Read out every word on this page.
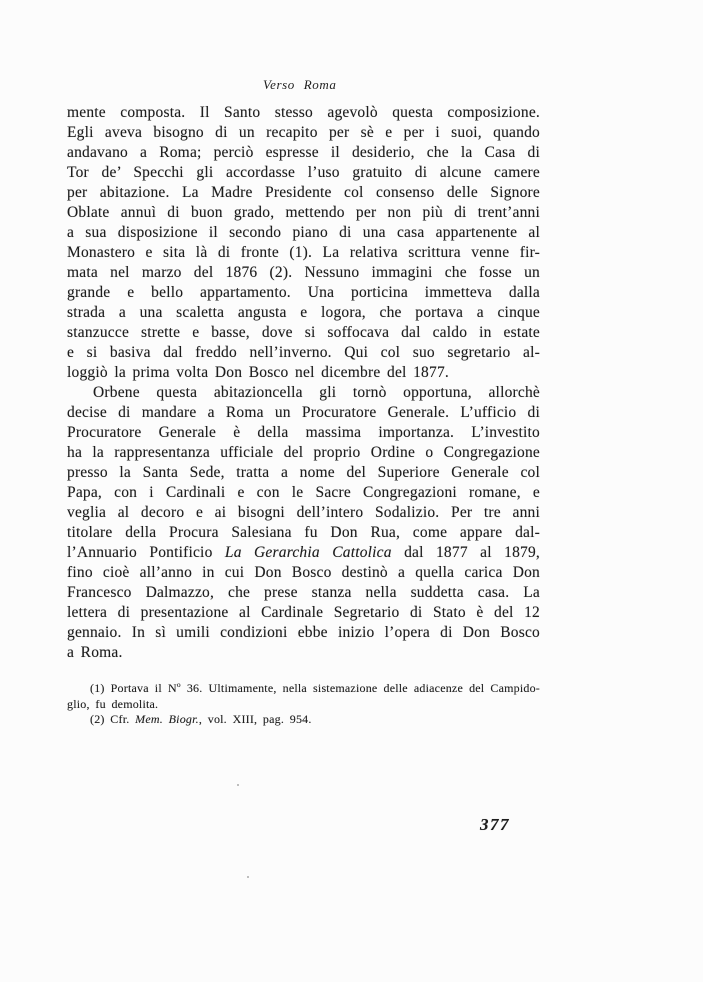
Verso Roma
mente composta. Il Santo stesso agevolò questa composizione.
Egli aveva bisogno di un recapito per sè e per i suoi, quando
andavano a Roma; perciò espresse il desiderio, che la Casa di
Tor de’ Specchi gli accordasse l’uso gratuito di alcune camere
per abitazione. La Madre Presidente col consenso delle Signore
Oblate annuì di buon grado, mettendo per non più di trent’anni
a sua disposizione il secondo piano di una casa appartenente al
Monastero e sita là di fronte (1). La relativa scrittura venne fir-
mata nel marzo del 1876 (2). Nessuno immagini che fosse un
grande e bello appartamento. Una porticina immetteva dalla
strada a una scaletta angusta e logora, che portava a cinque
stanzucce strette e basse, dove si soffocava dal caldo in estate
e si basiva dal freddo nell’inverno. Qui col suo segretario al-
loggiò la prima volta Don Bosco nel dicembre del 1877.
Orbene questa abitazioncella gli tornò opportuna, allorchè
decise di mandare a Roma un Procuratore Generale. L’ufficio di
Procuratore Generale è della massima importanza. L’investito
ha la rappresentanza ufficiale del proprio Ordine o Congregazione
presso la Santa Sede, tratta a nome del Superiore Generale col
Papa, con i Cardinali e con le Sacre Congregazioni romane, e
veglia al decoro e ai bisogni dell’intero Sodalizio. Per tre anni
titolare della Procura Salesiana fu Don Rua, come appare dal-
l’Annuario Pontificio La Gerarchia Cattolica dal 1877 al 1879,
fino cioè all’anno in cui Don Bosco destinò a quella carica Don
Francesco Dalmazzo, che prese stanza nella suddetta casa. La
lettera di presentazione al Cardinale Segretario di Stato è del 12
gennaio. In sì umili condizioni ebbe inizio l’opera di Don Bosco
a Roma.
(1) Portava il $N^o$ 36. Ultimamente, nella sistemazione delle adiacenze del Campido-
glio, fu demolita.
(2) Cfr. Mem. Biogr., vol. XIII, pag. 954.
377
